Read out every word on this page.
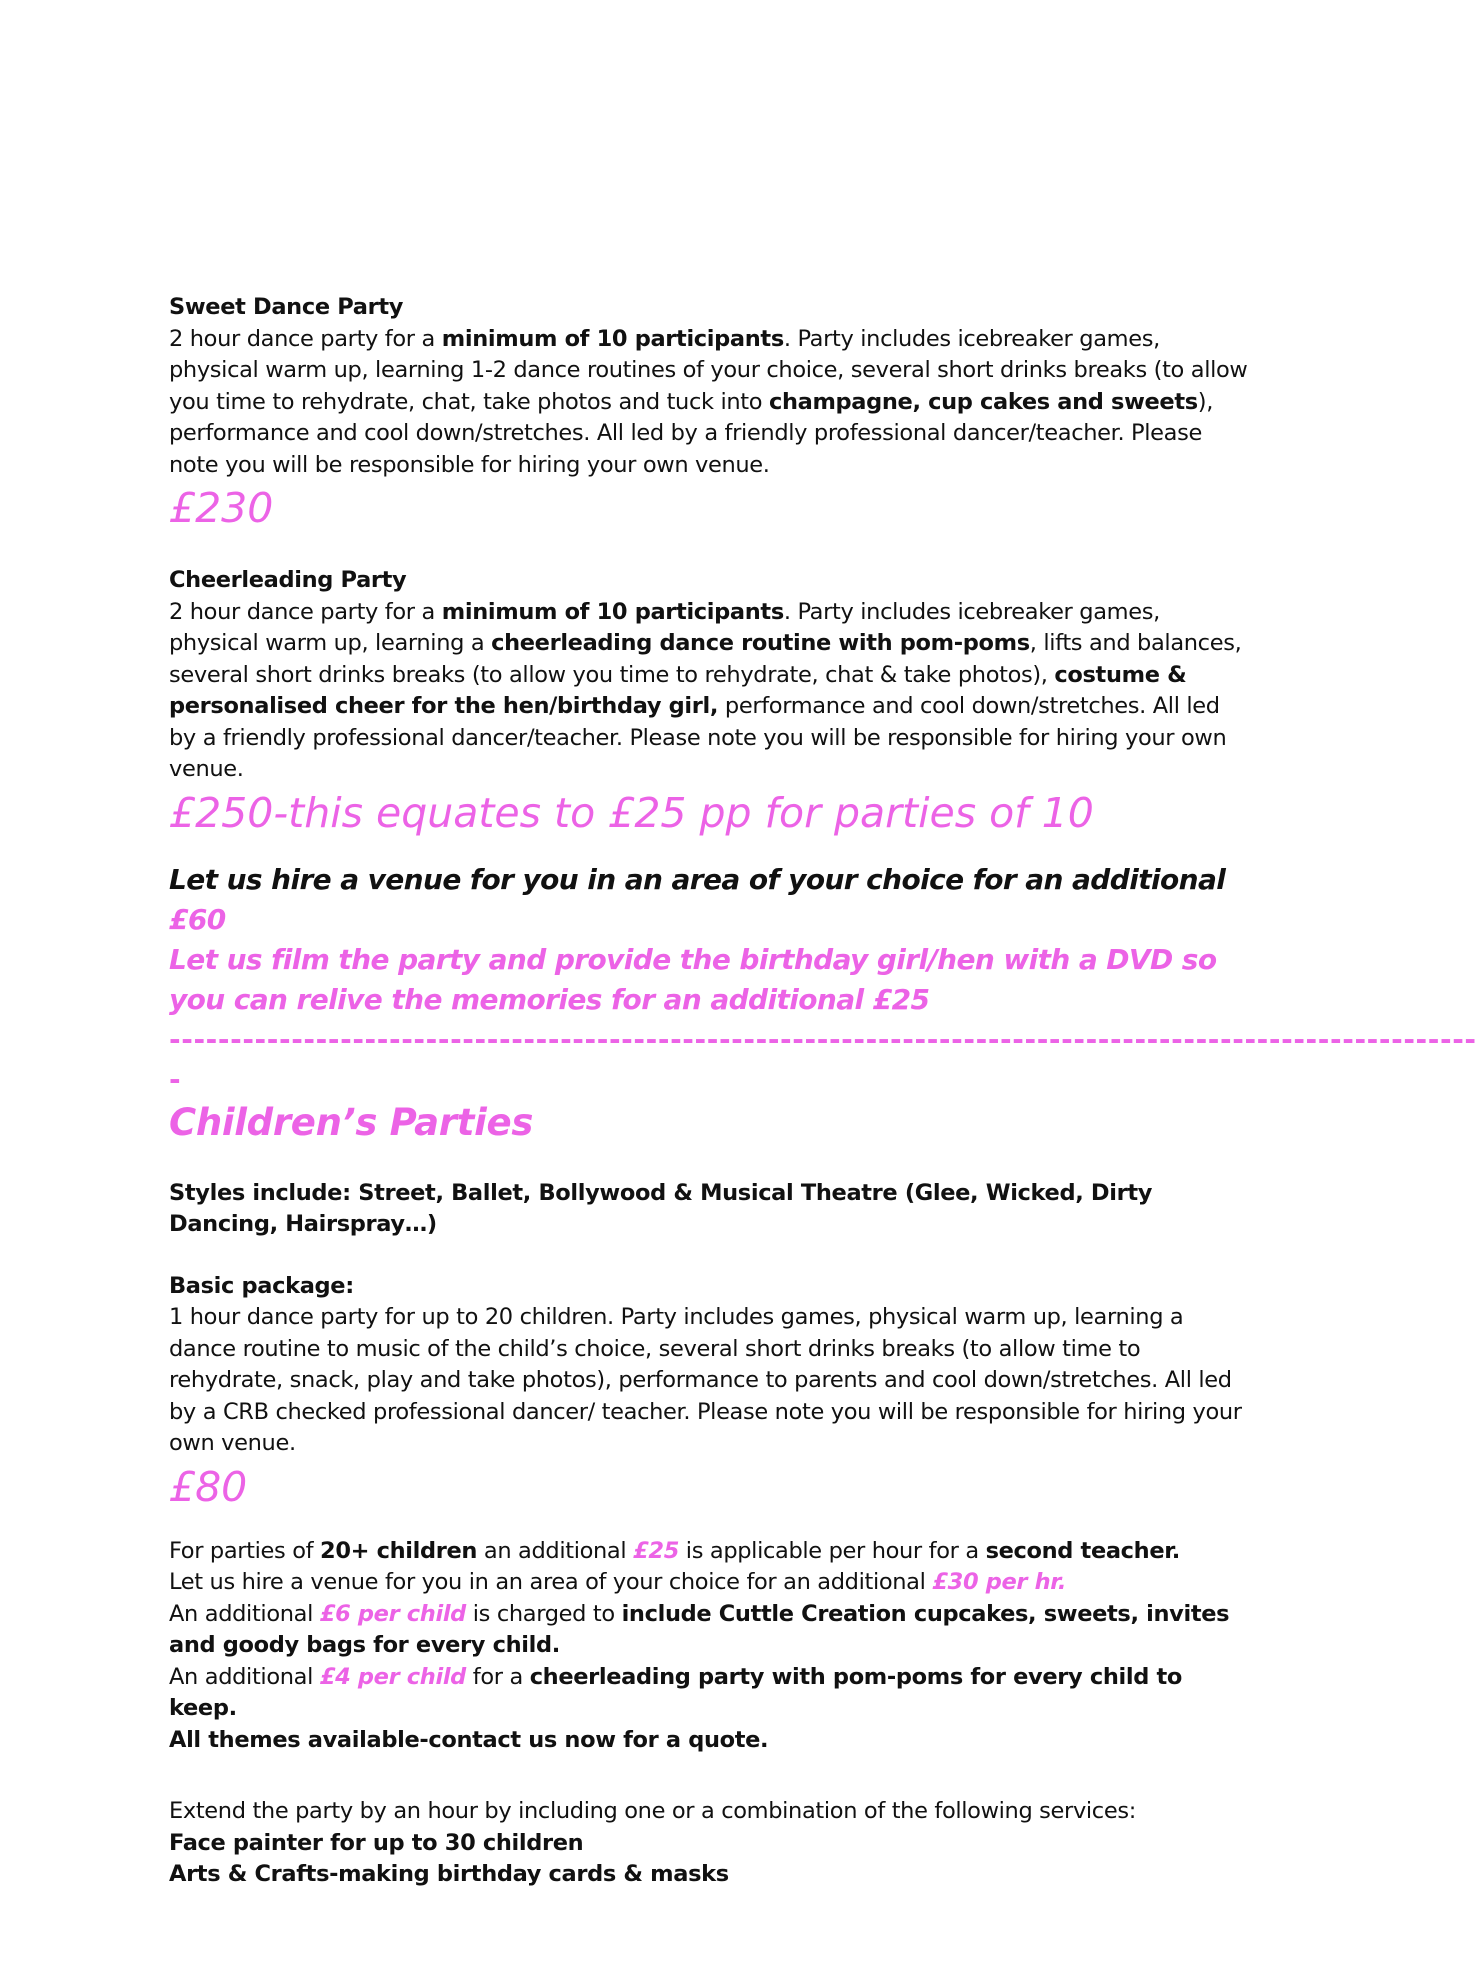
Sweet Dance Party

2 hour dance party for a minimum of 10 participants. Party includes icebreaker games, physical warm up, learning 1-2 dance routines of your choice, several short drinks breaks (to allow you time to rehydrate, chat, take photos and tuck into champagne, cup cakes and sweets), performance and cool down/stretches. All led by a friendly professional dancer/teacher. Please note you will be responsible for hiring your own venue.

£230

Cheerleading Party

2 hour dance party for a minimum of 10 participants. Party includes icebreaker games, physical warm up, learning a cheerleading dance routine with pom-poms, lifts and balances, several short drinks breaks (to allow you time to rehydrate, chat & take photos), costume & personalised cheer for the hen/birthday girl, performance and cool down/stretches. All led by a friendly professional dancer/teacher. Please note you will be responsible for hiring your own venue.

£250-this equates to £25 pp for parties of 10

Let us hire a venue for you in an area of your choice for an additional £60

Let us film the party and provide the birthday girl/hen with a DVD so you can relive the memories for an additional £25

-----------------------------------------------------------------------------------------------------------

-

Children’s Parties

Styles include: Street, Ballet, Bollywood & Musical Theatre (Glee, Wicked, Dirty Dancing, Hairspray…)

Basic package:

1 hour dance party for up to 20 children. Party includes games, physical warm up, learning a dance routine to music of the child’s choice, several short drinks breaks (to allow time to rehydrate, snack, play and take photos), performance to parents and cool down/stretches. All led by a CRB checked professional dancer/ teacher. Please note you will be responsible for hiring your own venue.

£80

For parties of 20+ children an additional £25 is applicable per hour for a second teacher.

Let us hire a venue for you in an area of your choice for an additional £30 per hr.

An additional £6 per child is charged to include Cuttle Creation cupcakes, sweets, invites and goody bags for every child.

An additional £4 per child for a cheerleading party with pom-poms for every child to keep.

All themes available-contact us now for a quote.

Extend the party by an hour by including one or a combination of the following services:

Face painter for up to 30 children

Arts & Crafts-making birthday cards & masks
